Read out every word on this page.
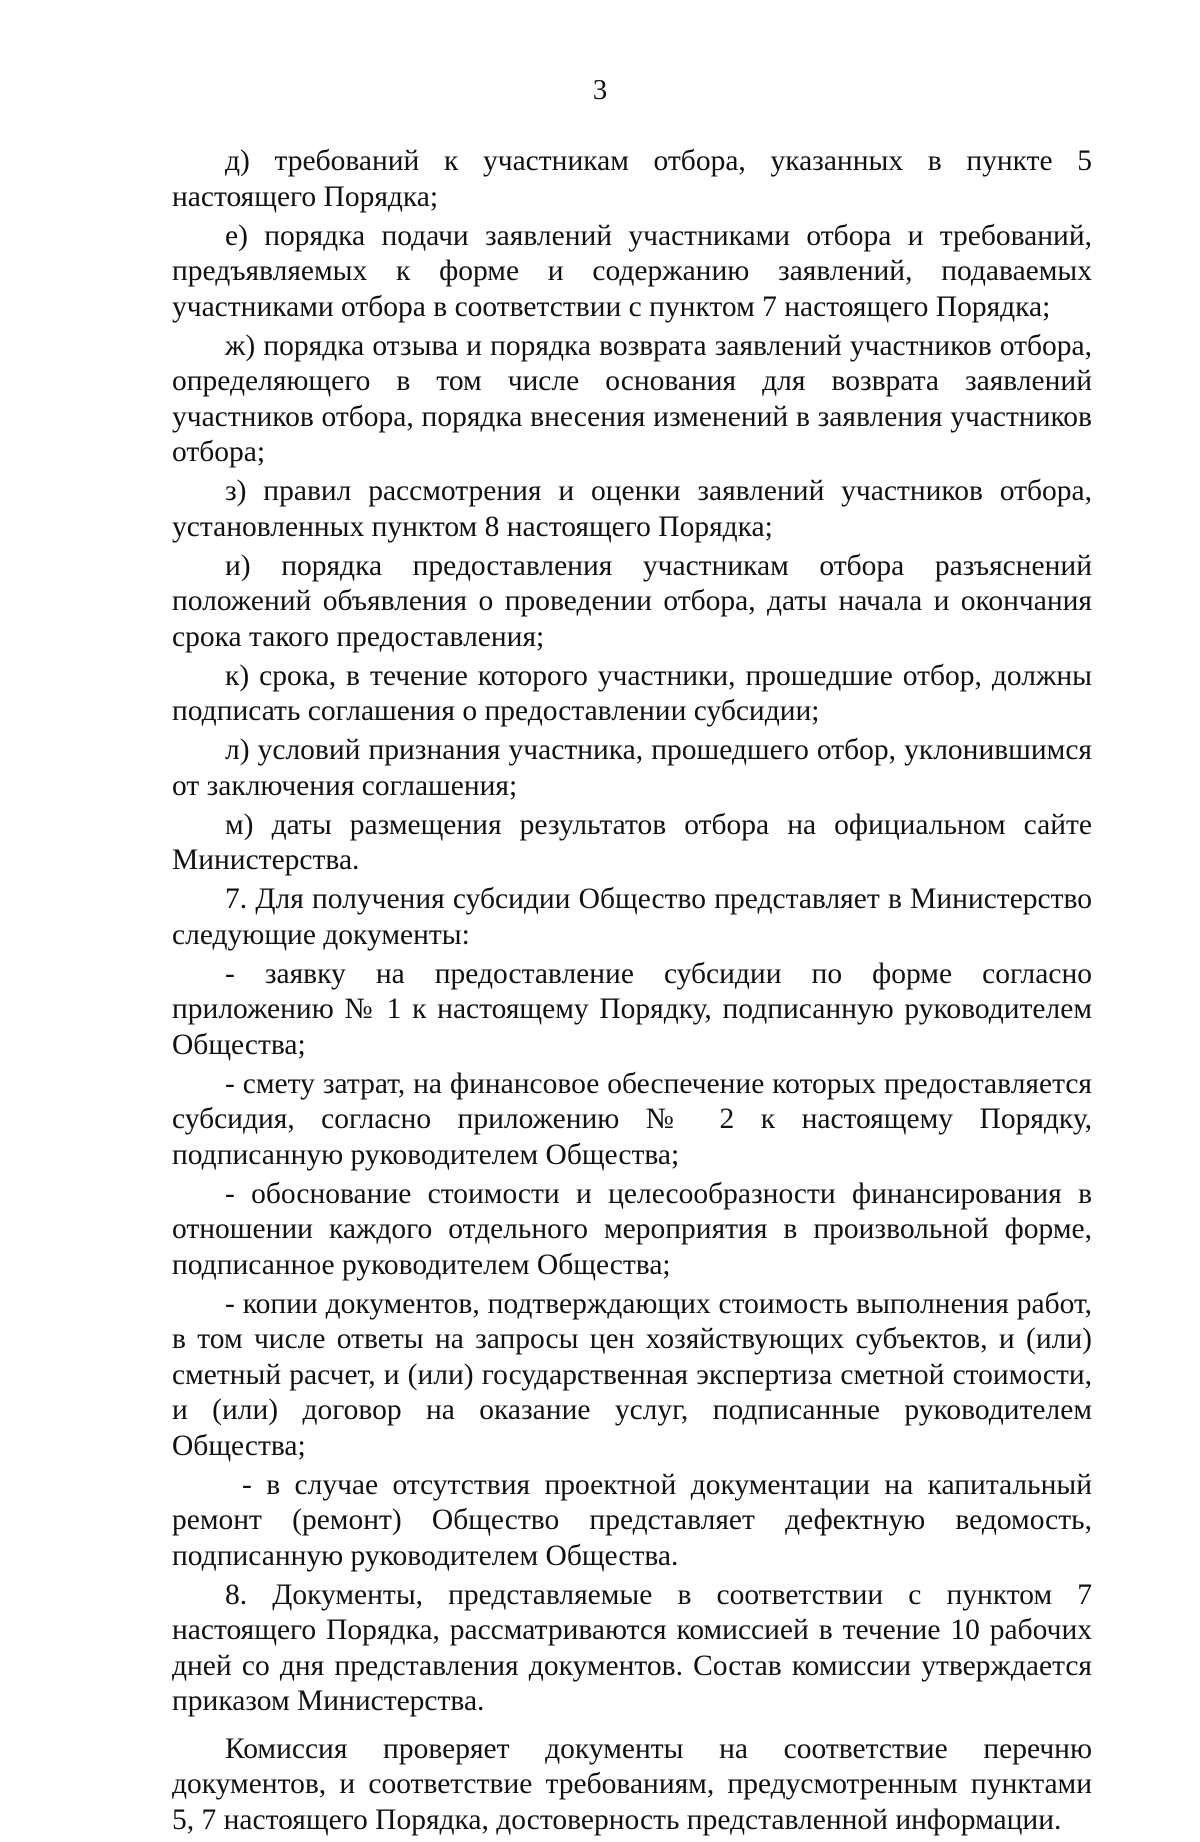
3

д) требований к участникам отбора, указанных в пункте 5 настоящего Порядка;

е) порядка подачи заявлений участниками отбора и требований, предъявляемых к форме и содержанию заявлений, подаваемых участниками отбора в соответствии с пунктом 7 настоящего Порядка;

ж) порядка отзыва и порядка возврата заявлений участников отбора, определяющего в том числе основания для возврата заявлений участников отбора, порядка внесения изменений в заявления участников отбора;

з) правил рассмотрения и оценки заявлений участников отбора, установленных пунктом 8 настоящего Порядка;

и) порядка предоставления участникам отбора разъяснений положений объявления о проведении отбора, даты начала и окончания срока такого предоставления;

к) срока, в течение которого участники, прошедшие отбор, должны подписать соглашения о предоставлении субсидии;

л) условий признания участника, прошедшего отбор, уклонившимся от заключения соглашения;

м) даты размещения результатов отбора на официальном сайте Министерства.

7. Для получения субсидии Общество представляет в Министерство следующие документы:

- заявку на предоставление субсидии по форме согласно приложению № 1 к настоящему Порядку, подписанную руководителем Общества;

- смету затрат, на финансовое обеспечение которых предоставляется субсидия, согласно приложению № 2 к настоящему Порядку, подписанную руководителем Общества;

- обоснование стоимости и целесообразности финансирования в отношении каждого отдельного мероприятия в произвольной форме, подписанное руководителем Общества;

- копии документов, подтверждающих стоимость выполнения работ, в том числе ответы на запросы цен хозяйствующих субъектов, и (или) сметный расчет, и (или) государственная экспертиза сметной стоимости, и (или) договор на оказание услуг, подписанные руководителем Общества;

- в случае отсутствия проектной документации на капитальный ремонт (ремонт) Общество представляет дефектную ведомость, подписанную руководителем Общества.

8. Документы, представляемые в соответствии с пунктом 7 настоящего Порядка, рассматриваются комиссией в течение 10 рабочих дней со дня представления документов. Состав комиссии утверждается приказом Министерства.

Комиссия проверяет документы на соответствие перечню документов, и соответствие требованиям, предусмотренным пунктами 5, 7 настоящего Порядка, достоверность представленной информации.
